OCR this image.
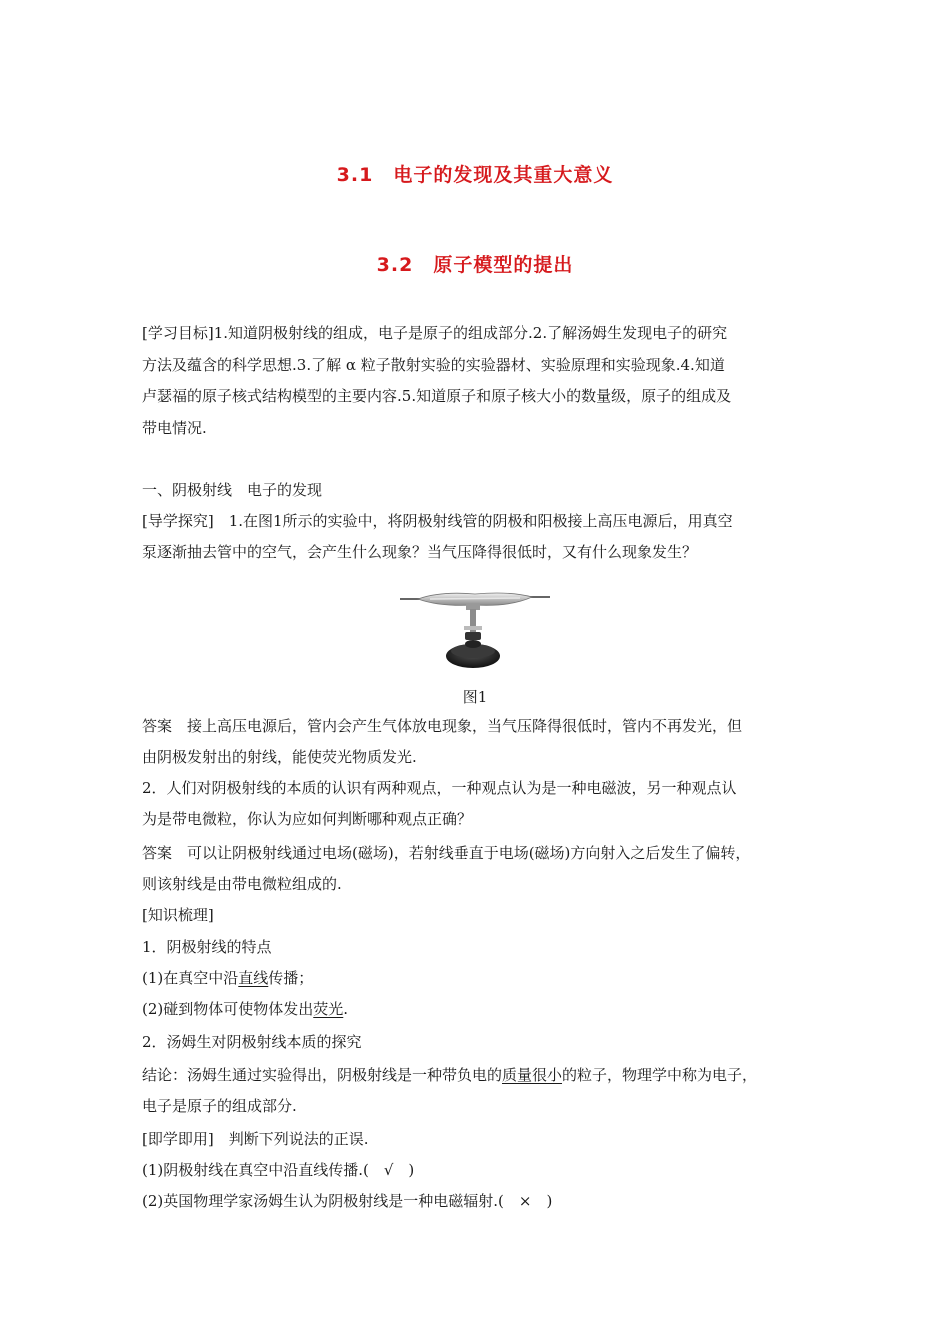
3.1 电子的发现及其重大意义
3.2 原子模型的提出
[学习目标]1.知道阴极射线的组成，电子是原子的组成部分.2.了解汤姆生发现电子的研究
方法及蕴含的科学思想.3.了解 α 粒子散射实验的实验器材、实验原理和实验现象.4.知道
卢瑟福的原子核式结构模型的主要内容.5.知道原子和原子核大小的数量级，原子的组成及
带电情况.
一、阴极射线　电子的发现
[导学探究]　1.在图1所示的实验中，将阴极射线管的阴极和阳极接上高压电源后，用真空
泵逐渐抽去管中的空气，会产生什么现象？当气压降得很低时，又有什么现象发生？
答案　接上高压电源后，管内会产生气体放电现象，当气压降得很低时，管内不再发光，但
由阴极发射出的射线，能使荧光物质发光.
2．人们对阴极射线的本质的认识有两种观点，一种观点认为是一种电磁波，另一种观点认
为是带电微粒，你认为应如何判断哪种观点正确？
答案　可以让阴极射线通过电场(磁场)，若射线垂直于电场(磁场)方向射入之后发生了偏转，
则该射线是由带电微粒组成的.
[知识梳理]
1．阴极射线的特点
(1)在真空中沿直线传播；
(2)碰到物体可使物体发出荧光.
2．汤姆生对阴极射线本质的探究
结论：汤姆生通过实验得出，阴极射线是一种带负电的质量很小的粒子，物理学中称为电子，
电子是原子的组成部分.
[即学即用]　判断下列说法的正误.
(1)阴极射线在真空中沿直线传播.(　√　)
(2)英国物理学家汤姆生认为阴极射线是一种电磁辐射.(　×　)
图1
